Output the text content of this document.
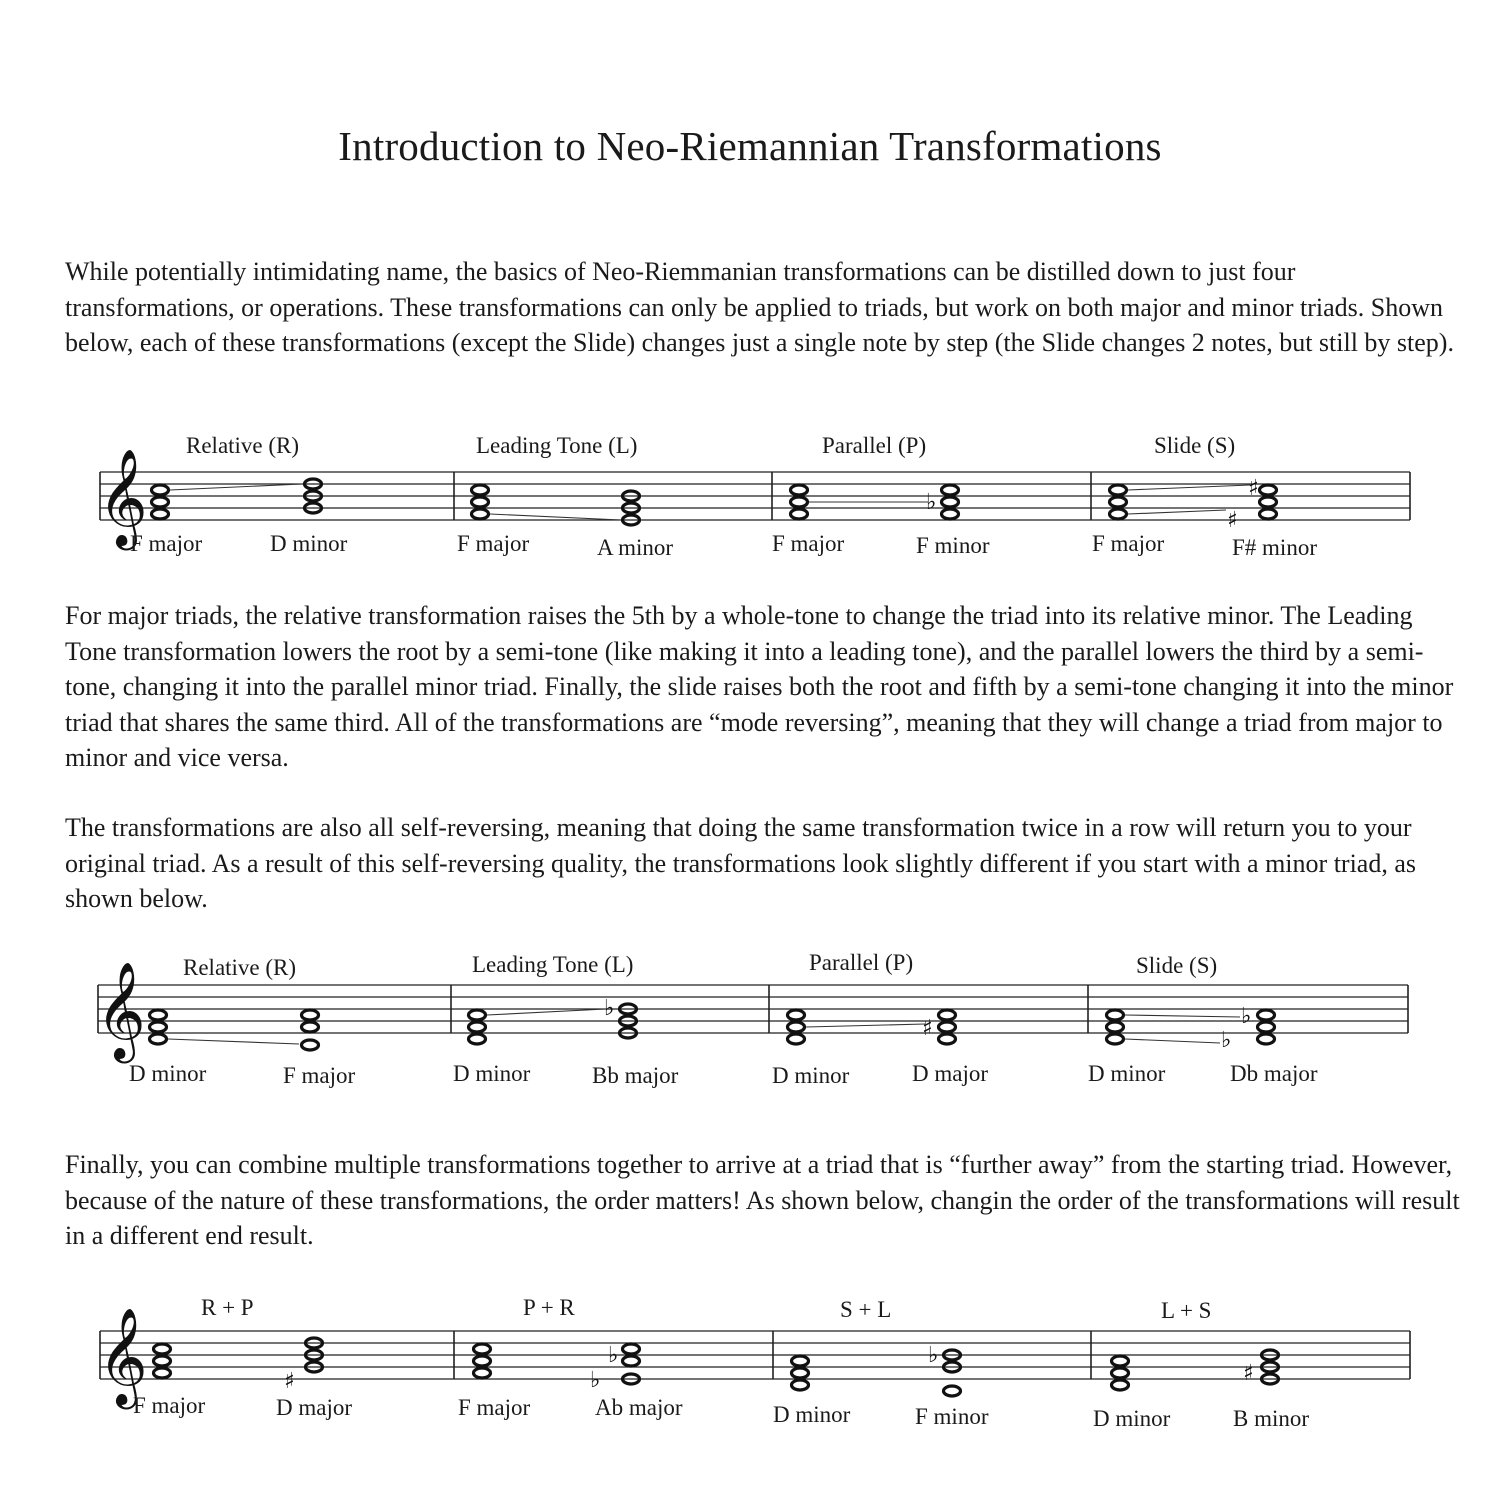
Introduction to Neo-Riemannian Transformations

While potentially intimidating name, the basics of Neo-Riemmanian transformations can be distilled down to just four transformations, or operations. These transformations can only be applied to triads, but work on both major and minor triads. Shown below, each of these transformations (except the Slide) changes just a single note by step (the Slide changes 2 notes, but still by step).

𝄞	♭
♯
♯
Relative (R)	Leading Tone (L)	Parallel (P)	Slide (S)
F major	D minor	F major	A minor	F major	F minor	F major	F# minor

For major triads, the relative transformation raises the 5th by a whole-tone to change the triad into its relative minor. The Leading Tone transformation lowers the root by a semi-tone (like making it into a leading tone), and the parallel lowers the third by a semi-tone, changing it into the parallel minor triad. Finally, the slide raises both the root and fifth by a semi-tone changing it into the minor triad that shares the same third. All of the transformations are “mode reversing”, meaning that they will change a triad from major to minor and vice versa.

The transformations are also all self-reversing, meaning that doing the same transformation twice in a row will return you to your original triad. As a result of this self-reversing quality, the transformations look slightly different if you start with a minor triad, as shown below.

𝄞	♭
♯	♭
♭
Relative (R)	Leading Tone (L)	Parallel (P)	Slide (S)
D minor	F major	D minor	Bb major	D minor	D major	D minor	Db major

Finally, you can combine multiple transformations together to arrive at a triad that is “further away” from the starting triad. However, because of the nature of these transformations, the order matters! As shown below, changin the order of the transformations will result in a different end result.

𝄞	♯
♭
♭
♭
♯
R + P	P + R	S + L	L + S
F major	D major	F major	Ab major	D minor	F minor	D minor	B minor
